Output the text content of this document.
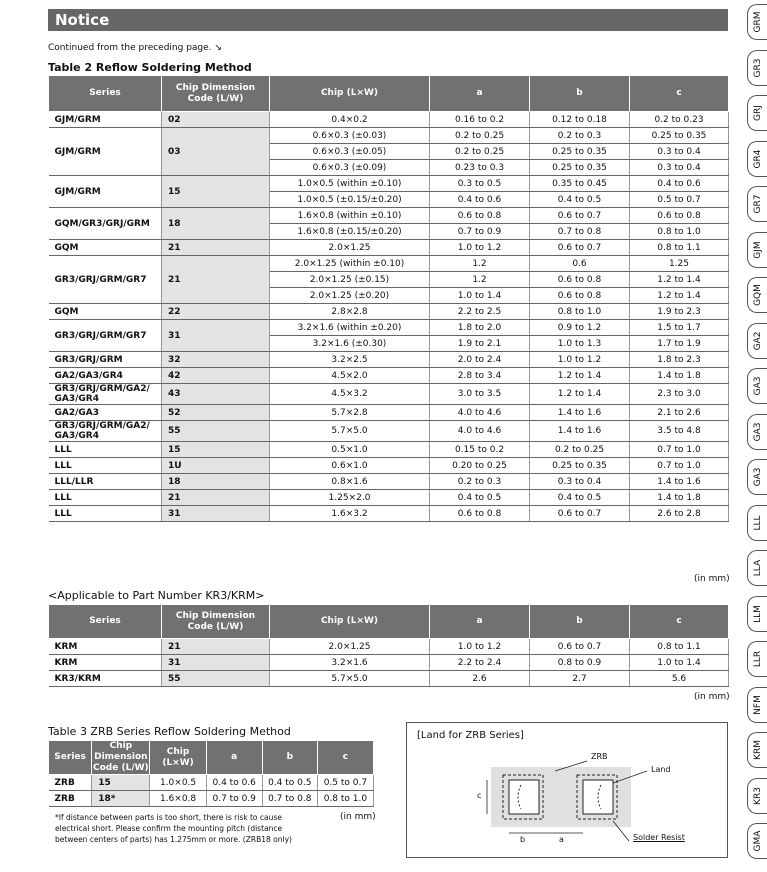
Notice
Continued from the preceding page. ↘
Table 2 Reflow Soldering Method
Series	Chip Dimension Code (L/W)	Chip (L×W)	a	b	c
GJM/GRM	02	0.4×0.2	0.16 to 0.2	0.12 to 0.18	0.2 to 0.23
GJM/GRM	03	0.6×0.3 (±0.03)	0.2 to 0.25	0.2 to 0.3	0.25 to 0.35
		0.6×0.3 (±0.05)	0.2 to 0.25	0.25 to 0.35	0.3 to 0.4
		0.6×0.3 (±0.09)	0.23 to 0.3	0.25 to 0.35	0.3 to 0.4
GJM/GRM	15	1.0×0.5 (within ±0.10)	0.3 to 0.5	0.35 to 0.45	0.4 to 0.6
		1.0×0.5 (±0.15/±0.20)	0.4 to 0.6	0.4 to 0.5	0.5 to 0.7
GQM/GR3/GRJ/GRM	18	1.6×0.8 (within ±0.10)	0.6 to 0.8	0.6 to 0.7	0.6 to 0.8
		1.6×0.8 (±0.15/±0.20)	0.7 to 0.9	0.7 to 0.8	0.8 to 1.0
GQM	21	2.0×1.25	1.0 to 1.2	0.6 to 0.7	0.8 to 1.1
GR3/GRJ/GRM/GR7	21	2.0×1.25 (within ±0.10)	1.2	0.6	1.25
		2.0×1.25 (±0.15)	1.2	0.6 to 0.8	1.2 to 1.4
		2.0×1.25 (±0.20)	1.0 to 1.4	0.6 to 0.8	1.2 to 1.4
GQM	22	2.8×2.8	2.2 to 2.5	0.8 to 1.0	1.9 to 2.3
GR3/GRJ/GRM/GR7	31	3.2×1.6 (within ±0.20)	1.8 to 2.0	0.9 to 1.2	1.5 to 1.7
		3.2×1.6 (±0.30)	1.9 to 2.1	1.0 to 1.3	1.7 to 1.9
GR3/GRJ/GRM	32	3.2×2.5	2.0 to 2.4	1.0 to 1.2	1.8 to 2.3
GA2/GA3/GR4	42	4.5×2.0	2.8 to 3.4	1.2 to 1.4	1.4 to 1.8
GR3/GRJ/GRM/GA2/ GA3/GR4	43	4.5×3.2	3.0 to 3.5	1.2 to 1.4	2.3 to 3.0
GA2/GA3	52	5.7×2.8	4.0 to 4.6	1.4 to 1.6	2.1 to 2.6
GR3/GRJ/GRM/GA2/ GA3/GR4	55	5.7×5.0	4.0 to 4.6	1.4 to 1.6	3.5 to 4.8
LLL	15	0.5×1.0	0.15 to 0.2	0.2 to 0.25	0.7 to 1.0
LLL	1U	0.6×1.0	0.20 to 0.25	0.25 to 0.35	0.7 to 1.0
LLL/LLR	18	0.8×1.6	0.2 to 0.3	0.3 to 0.4	1.4 to 1.6
LLL	21	1.25×2.0	0.4 to 0.5	0.4 to 0.5	1.4 to 1.8
LLL	31	1.6×3.2	0.6 to 0.8	0.6 to 0.7	2.6 to 2.8
(in mm)
<Applicable to Part Number KR3/KRM>
Series	Chip Dimension Code (L/W)	Chip (L×W)	a	b	c
KRM	21	2.0×1.25	1.0 to 1.2	0.6 to 0.7	0.8 to 1.1
KRM	31	3.2×1.6	2.2 to 2.4	0.8 to 0.9	1.0 to 1.4
KR3/KRM	55	5.7×5.0	2.6	2.7	5.6
(in mm)
Table 3 ZRB Series Reflow Soldering Method
Series	Chip Dimension Code (L/W)	Chip (L×W)	a	b	c
ZRB	15	1.0×0.5	0.4 to 0.6	0.4 to 0.5	0.5 to 0.7
ZRB	18*	1.6×0.8	0.7 to 0.9	0.7 to 0.8	0.8 to 1.0
(in mm)
*If distance between parts is too short, there is risk to cause electrical short. Please confirm the mounting pitch (distance between centers of parts) has 1.275mm or more. (ZRB18 only)
[Land for ZRB Series]
ZRB
Land
Solder Resist
c
b	a
GRM
GR3
GRJ
GR4
GR7
GJM
GQM
GA2
GA3
GA3
GA3
LLL
LLA
LLM
LLR
NFM
KRM
KR3
GMA
